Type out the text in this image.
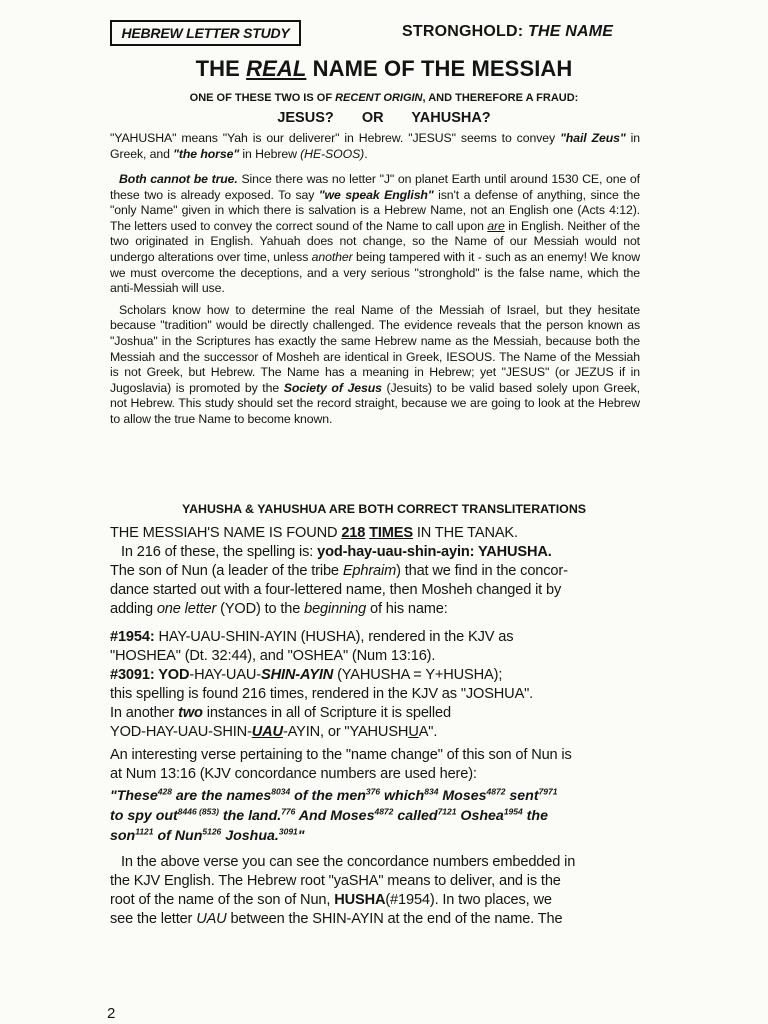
HEBREW LETTER STUDY	STRONGHOLD: THE NAME
THE REAL NAME OF THE MESSIAH
ONE OF THESE TWO IS OF RECENT ORIGIN, AND THEREFORE A FRAUD:
JESUS?    OR    YAHUSHA?

"YAHUSHA" means "Yah is our deliverer" in Hebrew. "JESUS" seems to convey "hail Zeus" in Greek, and "the horse" in Hebrew (HE-SOOS).

Both cannot be true. Since there was no letter "J" on planet Earth until around 1530 CE, one of these two is already exposed. To say "we speak English" isn't a defense of anything, since the "only Name" given in which there is salvation is a Hebrew Name, not an English one (Acts 4:12). The letters used to convey the correct sound of the Name to call upon are in English. Neither of the two originated in English. Yahuah does not change, so the Name of our Messiah would not undergo alterations over time, unless another being tampered with it - such as an enemy! We know we must overcome the deceptions, and a very serious "stronghold" is the false name, which the anti-Messiah will use.

Scholars know how to determine the real Name of the Messiah of Israel, but they hesitate because "tradition" would be directly challenged. The evidence reveals that the person known as "Joshua" in the Scriptures has exactly the same Hebrew name as the Messiah, because both the Messiah and the successor of Mosheh are identical in Greek, IESOUS. The Name of the Messiah is not Greek, but Hebrew. The Name has a meaning in Hebrew; yet "JESUS" (or JEZUS if in Jugoslavia) is promoted by the Society of Jesus (Jesuits) to be valid based solely upon Greek, not Hebrew. This study should set the record straight, because we are going to look at the Hebrew to allow the true Name to become known.

YAHUSHA & YAHUSHUA ARE BOTH CORRECT TRANSLITERATIONS
THE MESSIAH'S NAME IS FOUND 218 TIMES IN THE TANAK.
In 216 of these, the spelling is: yod-hay-uau-shin-ayin: YAHUSHA.
The son of Nun (a leader of the tribe Ephraim) that we find in the concor-
dance started out with a four-lettered name, then Mosheh changed it by
adding one letter (YOD) to the beginning of his name:
#1954: HAY-UAU-SHIN-AYIN (HUSHA), rendered in the KJV as
"HOSHEA" (Dt. 32:44), and "OSHEA" (Num 13:16).
#3091: YOD-HAY-UAU-SHIN-AYIN (YAHUSHA = Y+HUSHA);
this spelling is found 216 times, rendered in the KJV as "JOSHUA".
In another two instances in all of Scripture it is spelled
YOD-HAY-UAU-SHIN-UAU-AYIN, or "YAHUSHUA".
An interesting verse pertaining to the "name change" of this son of Nun is
at Num 13:16 (KJV concordance numbers are used here):
"These$^{428}$ are the names$^{8034}$ of the men$^{376}$ which$^{834}$ Moses$^{4872}$ sent$^{7971}$
to spy out$^{8446 (853)}$ the land.$^{776}$ And Moses$^{4872}$ called$^{7121}$ Oshea$^{1954}$ the
son$^{1121}$ of Nun$^{5126}$ Joshua.$^{3091}$"
In the above verse you can see the concordance numbers embedded in
the KJV English. The Hebrew root "yaSHA" means to deliver, and is the
root of the name of the son of Nun, HUSHA(#1954). In two places, we
see the letter UAU between the SHIN-AYIN at the end of the name. The
2
